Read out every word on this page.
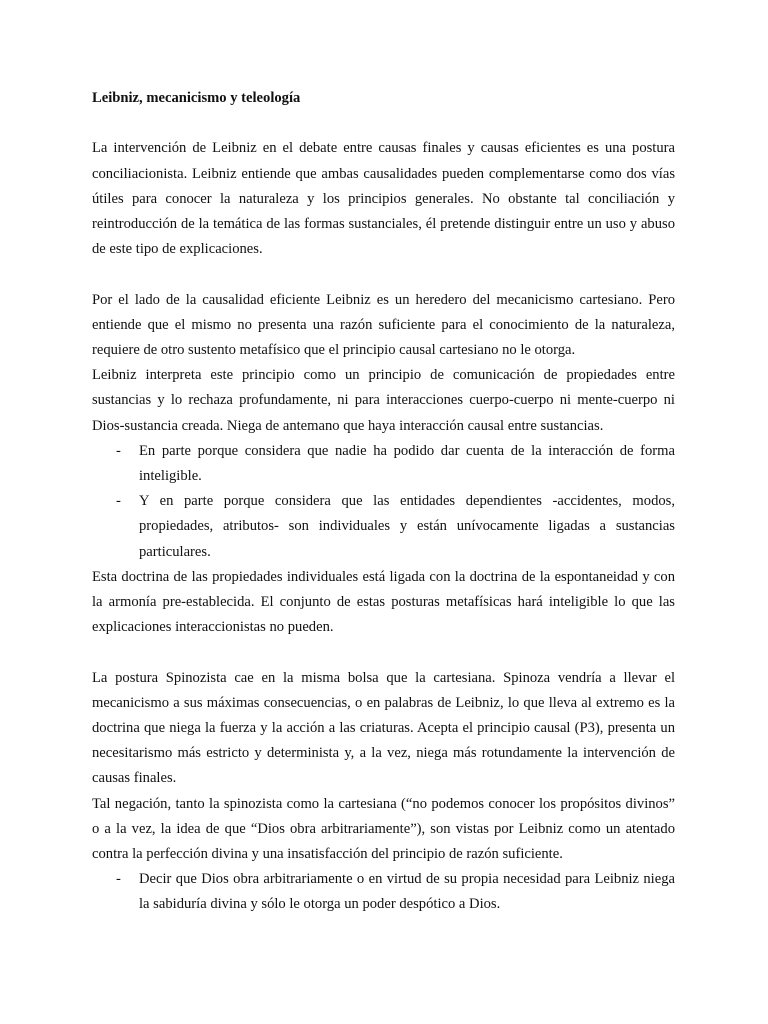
Leibniz, mecanicismo y teleología

La intervención de Leibniz en el debate entre causas finales y causas eficientes es una postura conciliacionista. Leibniz entiende que ambas causalidades pueden complementarse como dos vías útiles para conocer la naturaleza y los principios generales. No obstante tal conciliación y reintroducción de la temática de las formas sustanciales, él pretende distinguir entre un uso y abuso de este tipo de explicaciones.

Por el lado de la causalidad eficiente Leibniz es un heredero del mecanicismo cartesiano. Pero entiende que el mismo no presenta una razón suficiente para el conocimiento de la naturaleza, requiere de otro sustento metafísico que el principio causal cartesiano no le otorga.

Leibniz interpreta este principio como un principio de comunicación de propiedades entre sustancias y lo rechaza profundamente, ni para interacciones cuerpo-cuerpo ni mente-cuerpo ni Dios-sustancia creada. Niega de antemano que haya interacción causal entre sustancias.

- En parte porque considera que nadie ha podido dar cuenta de la interacción de forma inteligible.
- Y en parte porque considera que las entidades dependientes -accidentes, modos, propiedades, atributos- son individuales y están unívocamente ligadas a sustancias particulares.

Esta doctrina de las propiedades individuales está ligada con la doctrina de la espontaneidad y con la armonía pre-establecida. El conjunto de estas posturas metafísicas hará inteligible lo que las explicaciones interaccionistas no pueden.

La postura Spinozista cae en la misma bolsa que la cartesiana. Spinoza vendría a llevar el mecanicismo a sus máximas consecuencias, o en palabras de Leibniz, lo que lleva al extremo es la doctrina que niega la fuerza y la acción a las criaturas. Acepta el principio causal (P3), presenta un necesitarismo más estricto y determinista y, a la vez, niega más rotundamente la intervención de causas finales.

Tal negación, tanto la spinozista como la cartesiana (“no podemos conocer los propósitos divinos” o a la vez, la idea de que “Dios obra arbitrariamente”), son vistas por Leibniz como un atentado contra la perfección divina y una insatisfacción del principio de razón suficiente.

- Decir que Dios obra arbitrariamente o en virtud de su propia necesidad para Leibniz niega la sabiduría divina y sólo le otorga un poder despótico a Dios.
